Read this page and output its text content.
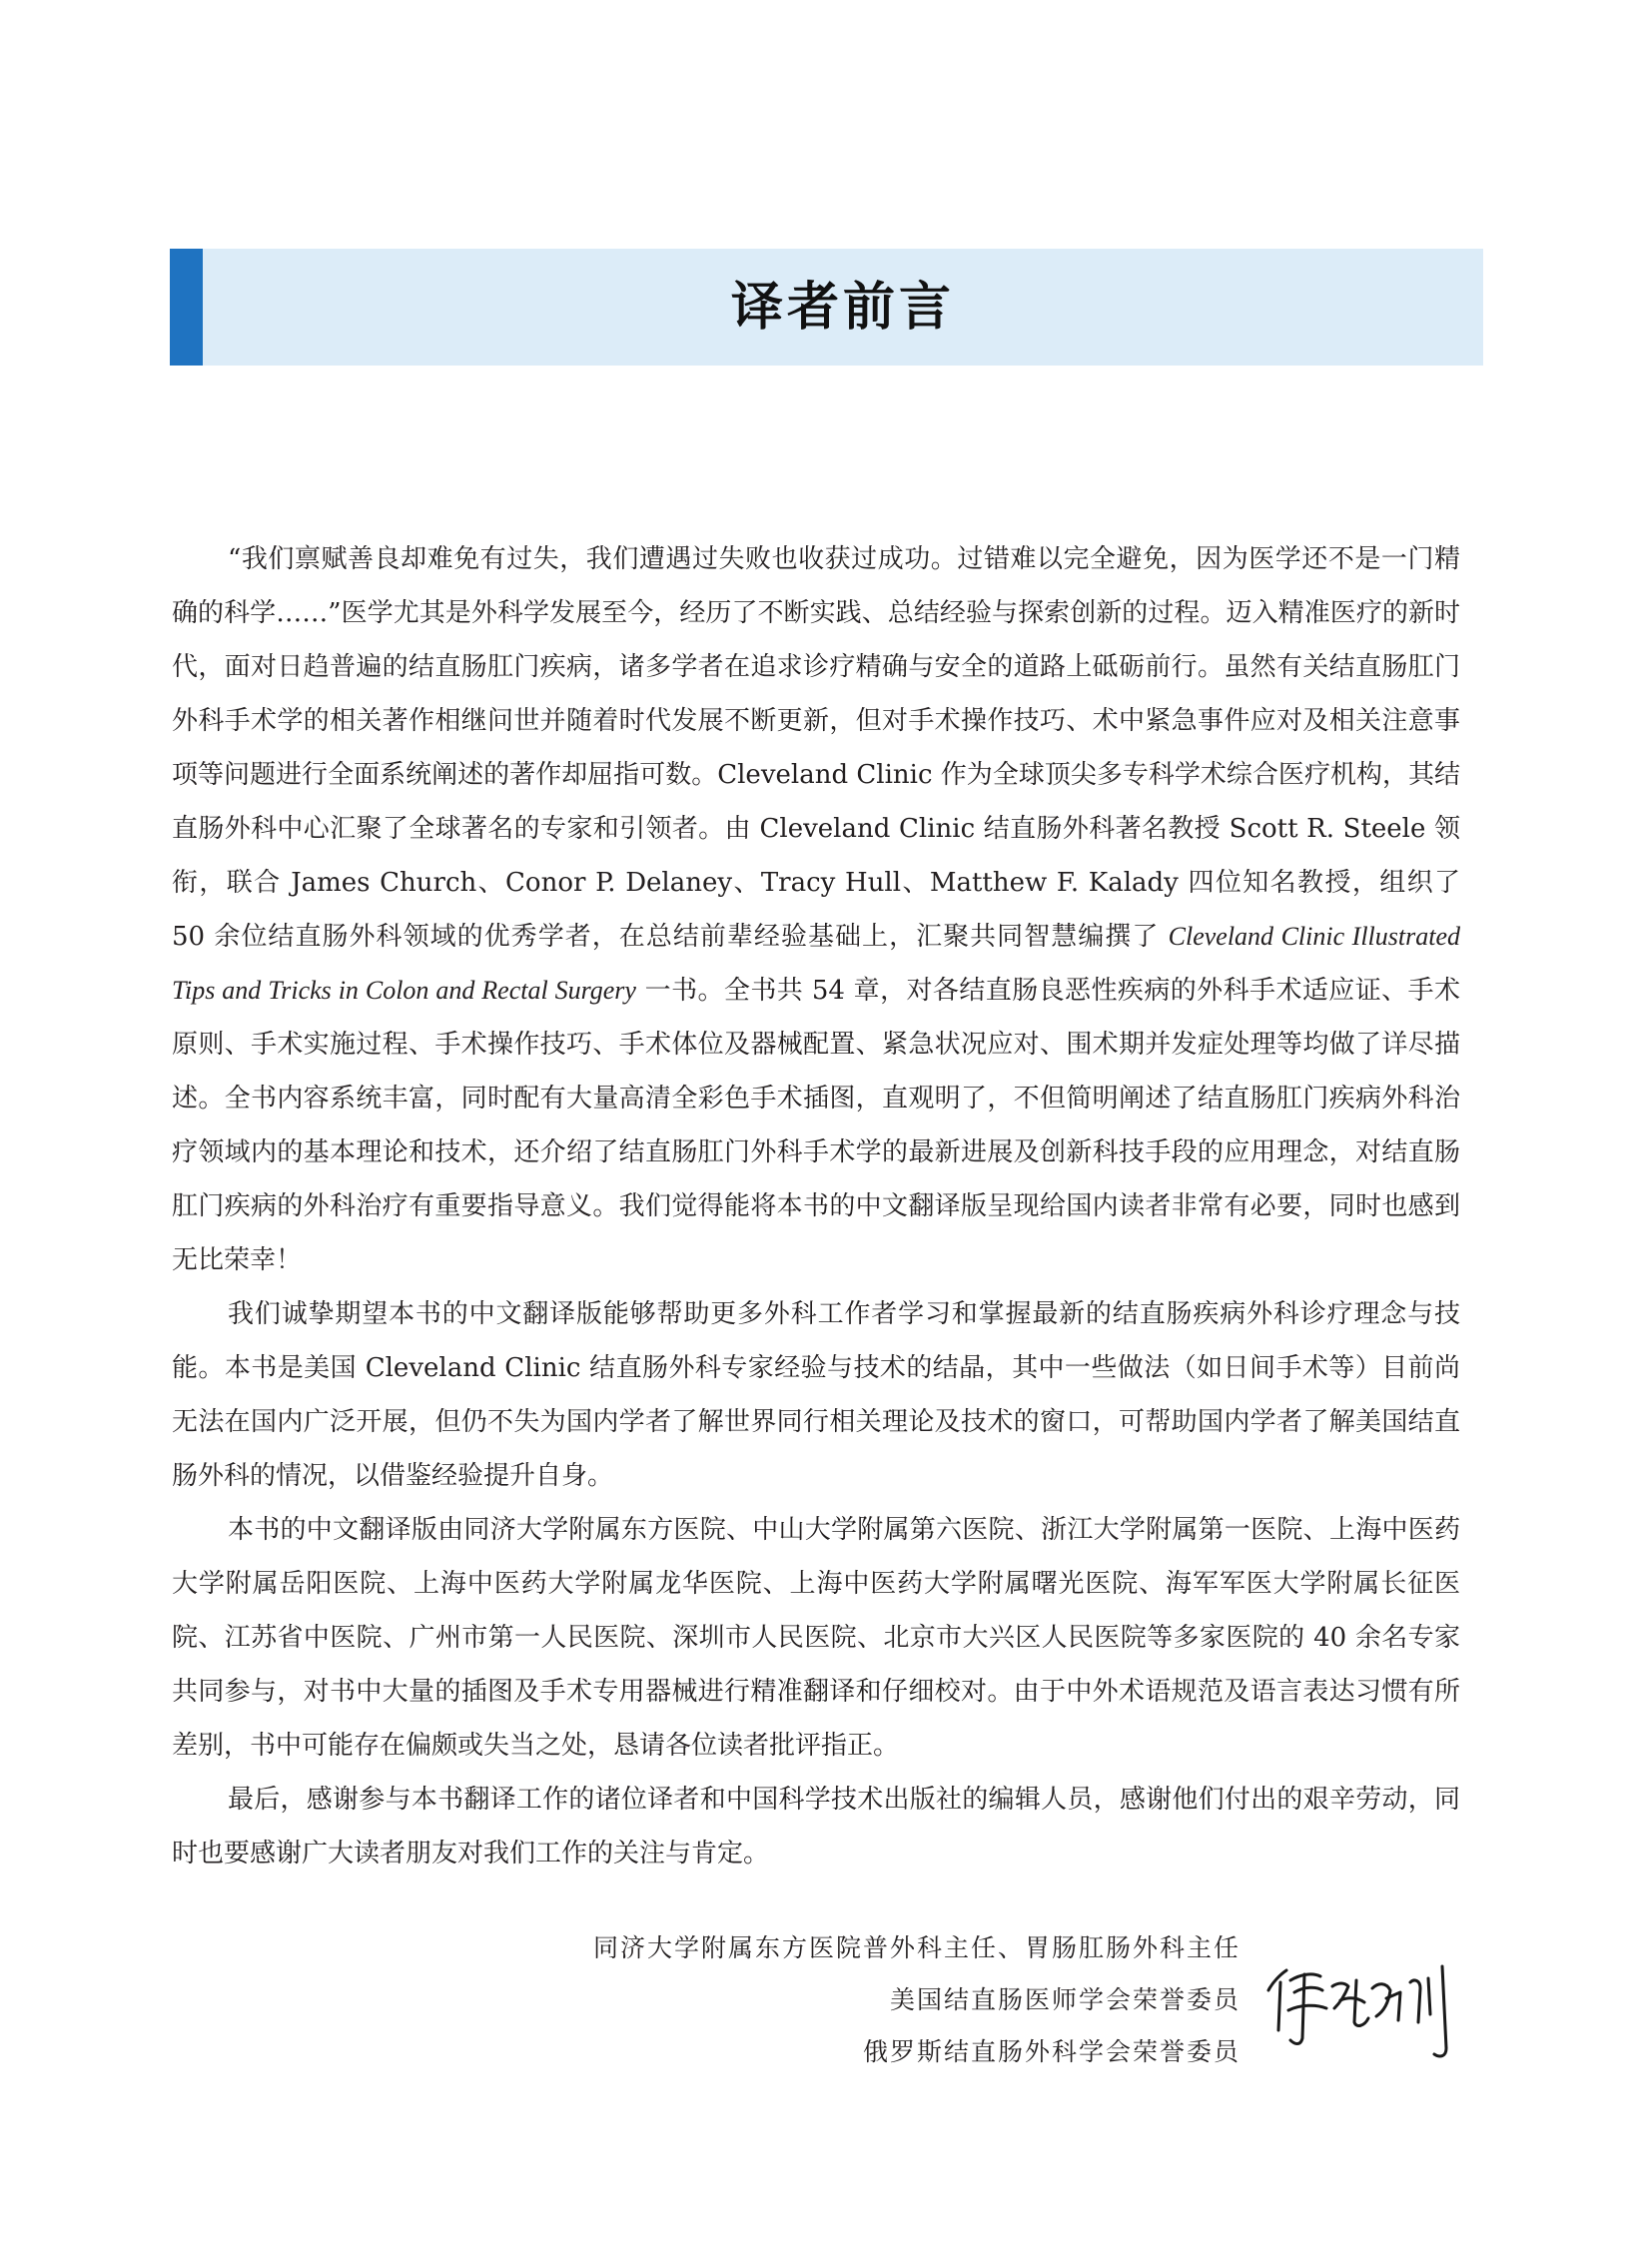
译者前言

“我们禀赋善良却难免有过失，我们遭遇过失败也收获过成功。过错难以完全避免，因为医学还不是一门精确的科学……”医学尤其是外科学发展至今，经历了不断实践、总结经验与探索创新的过程。迈入精准医疗的新时代，面对日趋普遍的结直肠肛门疾病，诸多学者在追求诊疗精确与安全的道路上砥砺前行。虽然有关结直肠肛门外科手术学的相关著作相继问世并随着时代发展不断更新，但对手术操作技巧、术中紧急事件应对及相关注意事项等问题进行全面系统阐述的著作却屈指可数。Cleveland Clinic 作为全球顶尖多专科学术综合医疗机构，其结直肠外科中心汇聚了全球著名的专家和引领者。由 Cleveland Clinic 结直肠外科著名教授 Scott R. Steele 领衔，联合 James Church、Conor P. Delaney、Tracy Hull、Matthew F. Kalady 四位知名教授，组织了 50 余位结直肠外科领域的优秀学者，在总结前辈经验基础上，汇聚共同智慧编撰了 Cleveland Clinic Illustrated Tips and Tricks in Colon and Rectal Surgery 一书。全书共 54 章，对各结直肠良恶性疾病的外科手术适应证、手术原则、手术实施过程、手术操作技巧、手术体位及器械配置、紧急状况应对、围术期并发症处理等均做了详尽描述。全书内容系统丰富，同时配有大量高清全彩色手术插图，直观明了，不但简明阐述了结直肠肛门疾病外科治疗领域内的基本理论和技术，还介绍了结直肠肛门外科手术学的最新进展及创新科技手段的应用理念，对结直肠肛门疾病的外科治疗有重要指导意义。我们觉得能将本书的中文翻译版呈现给国内读者非常有必要，同时也感到无比荣幸！

我们诚挚期望本书的中文翻译版能够帮助更多外科工作者学习和掌握最新的结直肠疾病外科诊疗理念与技能。本书是美国 Cleveland Clinic 结直肠外科专家经验与技术的结晶，其中一些做法（如日间手术等）目前尚无法在国内广泛开展，但仍不失为国内学者了解世界同行相关理论及技术的窗口，可帮助国内学者了解美国结直肠外科的情况，以借鉴经验提升自身。

本书的中文翻译版由同济大学附属东方医院、中山大学附属第六医院、浙江大学附属第一医院、上海中医药大学附属岳阳医院、上海中医药大学附属龙华医院、上海中医药大学附属曙光医院、海军军医大学附属长征医院、江苏省中医院、广州市第一人民医院、深圳市人民医院、北京市大兴区人民医院等多家医院的 40 余名专家共同参与，对书中大量的插图及手术专用器械进行精准翻译和仔细校对。由于中外术语规范及语言表达习惯有所差别，书中可能存在偏颇或失当之处，恳请各位读者批评指正。

最后，感谢参与本书翻译工作的诸位译者和中国科学技术出版社的编辑人员，感谢他们付出的艰辛劳动，同时也要感谢广大读者朋友对我们工作的关注与肯定。

同济大学附属东方医院普外科主任、胃肠肛肠外科主任
美国结直肠医师学会荣誉委员
俄罗斯结直肠外科学会荣誉委员
